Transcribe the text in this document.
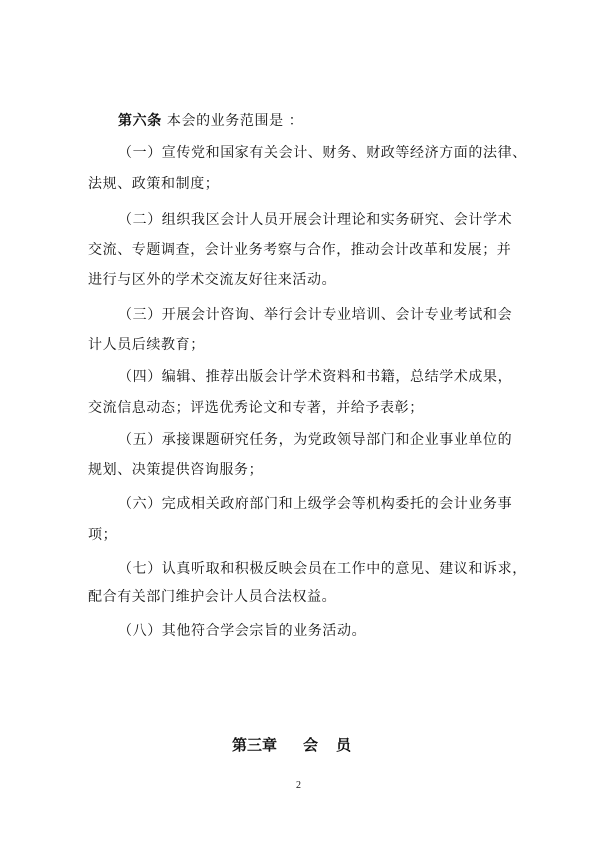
第六条 本会的业务范围是 ：
（一）宣传党和国家有关会计、财务、财政等经济方面的法律、
法规、政策和制度；
（二）组织我区会计人员开展会计理论和实务研究、会计学术
交流、专题调查，会计业务考察与合作，推动会计改革和发展；并
进行与区外的学术交流友好往来活动。
（三）开展会计咨询、举行会计专业培训、会计专业考试和会
计人员后续教育；
（四）编辑、推荐出版会计学术资料和书籍，总结学术成果，
交流信息动态；评选优秀论文和专著，并给予表彰；
（五）承接课题研究任务，为党政领导部门和企业事业单位的
规划、决策提供咨询服务；
（六）完成相关政府部门和上级学会等机构委托的会计业务事
项；
（七）认真听取和积极反映会员在工作中的意见、建议和诉求，
配合有关部门维护会计人员合法权益。
（八）其他符合学会宗旨的业务活动。
第三章 会 员
2
